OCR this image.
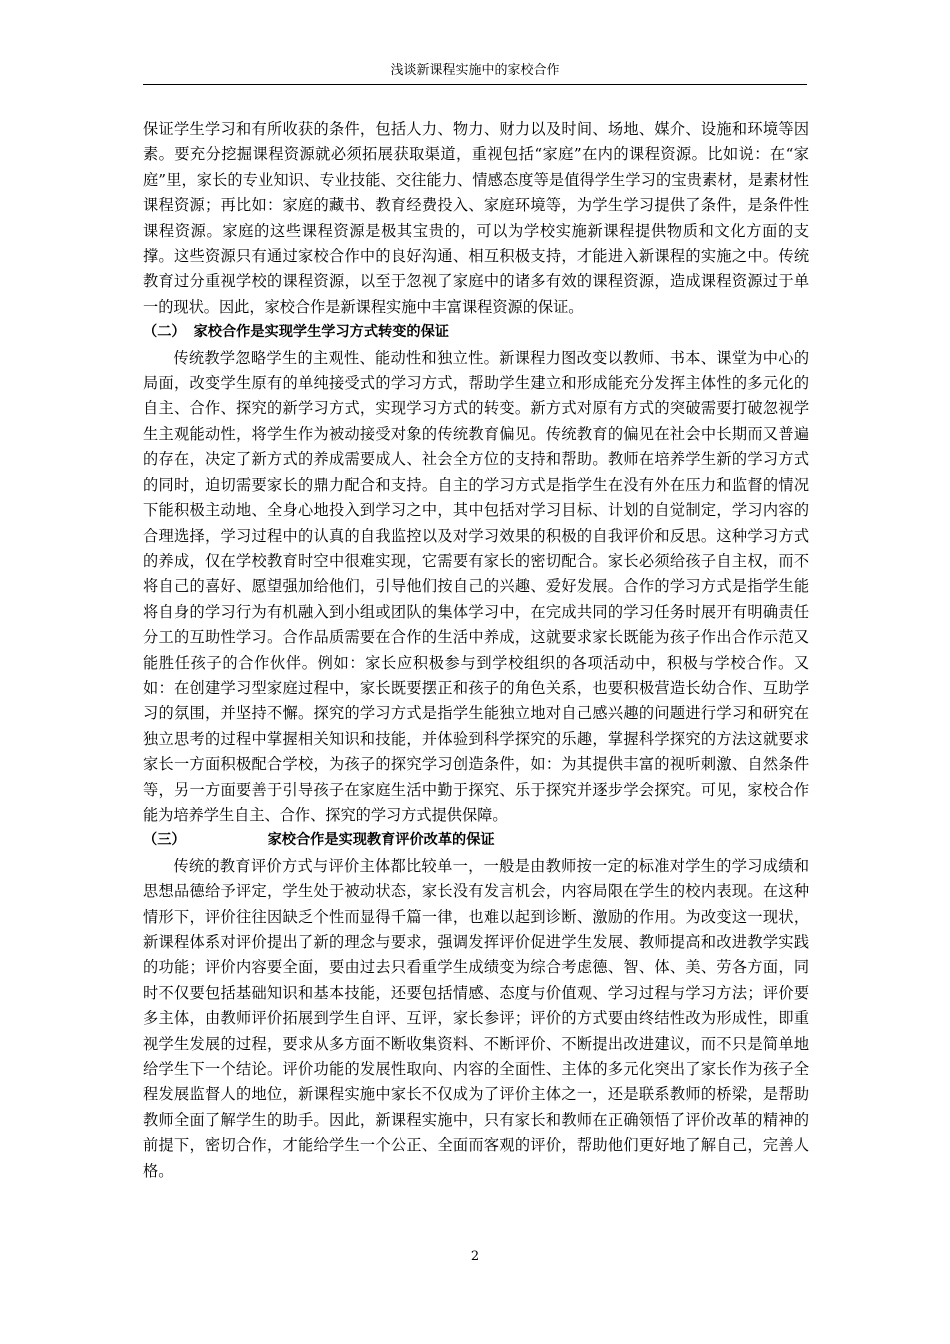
浅谈新课程实施中的家校合作

保证学生学习和有所收获的条件，包括人力、物力、财力以及时间、场地、媒介、设施和环境等因素。要充分挖掘课程资源就必须拓展获取渠道，重视包括“家庭”在内的课程资源。比如说：在“家庭”里，家长的专业知识、专业技能、交往能力、情感态度等是值得学生学习的宝贵素材，是素材性课程资源；再比如：家庭的藏书、教育经费投入、家庭环境等，为学生学习提供了条件，是条件性课程资源。家庭的这些课程资源是极其宝贵的，可以为学校实施新课程提供物质和文化方面的支撑。这些资源只有通过家校合作中的良好沟通、相互积极支持，才能进入新课程的实施之中。传统教育过分重视学校的课程资源，以至于忽视了家庭中的诸多有效的课程资源，造成课程资源过于单一的现状。因此，家校合作是新课程实施中丰富课程资源的保证。

（二） 家校合作是实现学生学习方式转变的保证

传统教学忽略学生的主观性、能动性和独立性。新课程力图改变以教师、书本、课堂为中心的局面，改变学生原有的单纯接受式的学习方式，帮助学生建立和形成能充分发挥主体性的多元化的自主、合作、探究的新学习方式，实现学习方式的转变。新方式对原有方式的突破需要打破忽视学生主观能动性，将学生作为被动接受对象的传统教育偏见。传统教育的偏见在社会中长期而又普遍的存在，决定了新方式的养成需要成人、社会全方位的支持和帮助。教师在培养学生新的学习方式的同时，迫切需要家长的鼎力配合和支持。自主的学习方式是指学生在没有外在压力和监督的情况下能积极主动地、全身心地投入到学习之中，其中包括对学习目标、计划的自觉制定，学习内容的合理选择，学习过程中的认真的自我监控以及对学习效果的积极的自我评价和反思。这种学习方式的养成，仅在学校教育时空中很难实现，它需要有家长的密切配合。家长必须给孩子自主权，而不将自己的喜好、愿望强加给他们，引导他们按自己的兴趣、爱好发展。合作的学习方式是指学生能将自身的学习行为有机融入到小组或团队的集体学习中，在完成共同的学习任务时展开有明确责任分工的互助性学习。合作品质需要在合作的生活中养成，这就要求家长既能为孩子作出合作示范又能胜任孩子的合作伙伴。例如：家长应积极参与到学校组织的各项活动中，积极与学校合作。又如：在创建学习型家庭过程中，家长既要摆正和孩子的角色关系，也要积极营造长幼合作、互助学习的氛围，并坚持不懈。探究的学习方式是指学生能独立地对自己感兴趣的问题进行学习和研究在独立思考的过程中掌握相关知识和技能，并体验到科学探究的乐趣，掌握科学探究的方法这就要求家长一方面积极配合学校，为孩子的探究学习创造条件，如：为其提供丰富的视听刺激、自然条件等，另一方面要善于引导孩子在家庭生活中勤于探究、乐于探究并逐步学会探究。可见，家校合作能为培养学生自主、合作、探究的学习方式提供保障。

（三）	家校合作是实现教育评价改革的保证

传统的教育评价方式与评价主体都比较单一，一般是由教师按一定的标准对学生的学习成绩和思想品德给予评定，学生处于被动状态，家长没有发言机会，内容局限在学生的校内表现。在这种情形下，评价往往因缺乏个性而显得千篇一律，也难以起到诊断、激励的作用。为改变这一现状，新课程体系对评价提出了新的理念与要求，强调发挥评价促进学生发展、教师提高和改进教学实践的功能；评价内容要全面，要由过去只看重学生成绩变为综合考虑德、智、体、美、劳各方面，同时不仅要包括基础知识和基本技能，还要包括情感、态度与价值观、学习过程与学习方法；评价要多主体，由教师评价拓展到学生自评、互评，家长参评；评价的方式要由终结性改为形成性，即重视学生发展的过程，要求从多方面不断收集资料、不断评价、不断提出改进建议，而不只是简单地给学生下一个结论。评价功能的发展性取向、内容的全面性、主体的多元化突出了家长作为孩子全程发展监督人的地位，新课程实施中家长不仅成为了评价主体之一，还是联系教师的桥梁，是帮助教师全面了解学生的助手。因此，新课程实施中，只有家长和教师在正确领悟了评价改革的精神的前提下，密切合作，才能给学生一个公正、全面而客观的评价，帮助他们更好地了解自己，完善人格。

2
